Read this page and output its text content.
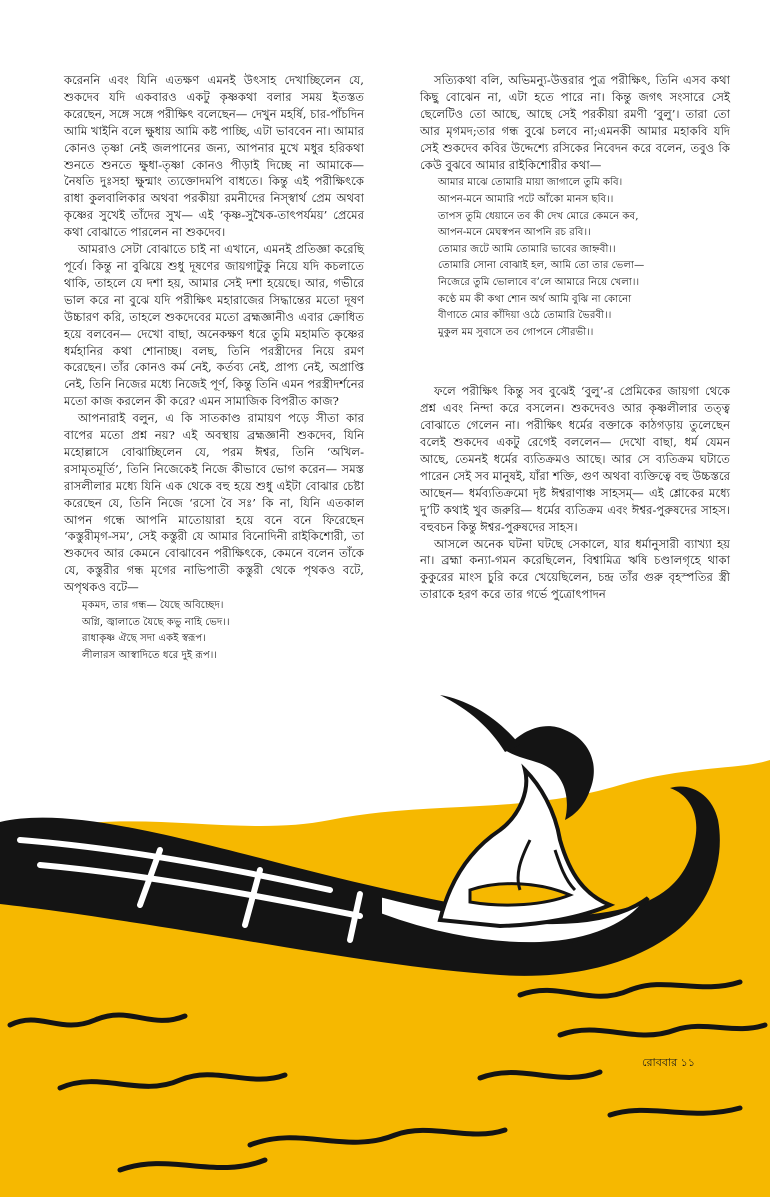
করেননি এবং যিনি এতক্ষণ এমনই উৎসাহ দেখাচ্ছিলেন যে, শুকদেব যদি একবারও একটু কৃষ্ণকথা বলার সময় ইতস্তত করেছেন, সঙ্গে সঙ্গে পরীক্ষিৎ বলেছেন— দেখুন মহর্ষি, চার-পাঁচদিন আমি খাইনি বলে ক্ষুধায় আমি কষ্ট পাচ্ছি, এটা ভাববেন না। আমার কোনও তৃষ্ণা নেই জলপানের জন্য, আপনার মুখে মধুর হরিকথা শুনতে শুনতে ক্ষুধা-তৃষ্ণা কোনও পীড়াই দিচ্ছে না আমাকে— নৈষতি দুঃসহা ক্ষুন্মাং ত্যক্তোদমপি বাধতে। কিন্তু এই পরীক্ষিৎকে রাধা কুলবালিকার অথবা পরকীয়া রমনীদের নিস্স্বার্থ প্রেম অথবা কৃষ্ণের সুখেই তাঁদের সুখ— এই ‘কৃষ্ণ-সুখৈক-তাৎপর্যময়’ প্রেমের কথা বোঝাতে পারলেন না শুকদেব।

আমরাও সেটা বোঝাতে চাই না এখানে, এমনই প্রতিজ্ঞা করেছি পূর্বে। কিন্তু না বুঝিয়ে শুধু দূষণের জায়গাটুকু নিয়ে যদি কচলাতে থাকি, তাহলে যে দশা হয়, আমার সেই দশা হয়েছে। আর, গভীরে ভাল করে না বুঝে যদি পরীক্ষিৎ মহারাজের সিদ্ধান্তের মতো দূষণ উচ্চারণ করি, তাহলে শুকদেবের মতো ব্রহ্মজ্ঞানীও এবার ক্রোধিত হয়ে বলবেন— দেখো বাছা, অনেকক্ষণ ধরে তুমি মহামতি কৃষ্ণের ধর্মহানির কথা শোনাচ্ছ। বলছ, তিনি পরস্ত্রীদের নিয়ে রমণ করেছেন। তাঁর কোনও কর্ম নেই, কর্তব্য নেই, প্রাপ্য নেই, অপ্রাপ্তি নেই, তিনি নিজের মধ্যে নিজেই পূর্ণ, কিন্তু তিনি এমন পরস্ত্রীদর্শনের মতো কাজ করলেন কী করে? এমন সামাজিক বিপরীত কাজ?

আপনারাই বলুন, এ কি সাতকাণ্ড রামায়ণ পড়ে সীতা কার বাপের মতো প্রশ্ন নয়? এই অবস্থায় ব্রহ্মজ্ঞানী শুকদেব, যিনি মহোল্লাসে বোঝাচ্ছিলেন যে, পরম ঈশ্বর, তিনি ‘অখিল-রসামৃতমূর্তি’, তিনি নিজেকেই নিজে কীভাবে ভোগ করেন— সমস্ত রাসলীলার মধ্যে যিনি এক থেকে বহু হয়ে শুধু এইটা বোঝার চেষ্টা করেছেন যে, তিনি নিজে ‘রসো বৈ সঃ’ কি না, যিনি এতকাল আপন গন্ধে আপনি মাতোয়ারা হয়ে বনে বনে ফিরেছেন ‘কস্তুরীমৃগ-সম’, সেই কস্তুরী যে আমার বিনোদিনী রাইকিশোরী, তা শুকদেব আর কেমনে বোঝাবেন পরীক্ষিৎকে, কেমনে বলেন তাঁকে যে, কস্তুরীর গন্ধ মৃগের নাভিপাতী কস্তুরী থেকে পৃথকও বটে, অপৃথকও বটে—

মৃকমদ, তার গন্ধ— যৈছে অবিচ্ছেদ।
অগ্নি, জ্বালাতে যৈছে কভু নাহি ভেদ।।
রাধাকৃষ্ণ ঐছে সদা একই স্বরূপ।
লীলারস আস্বাদিতে ধরে দুই রূপ।।

সত্যিকথা বলি, অভিমন্যু-উত্তরার পুত্র পরীক্ষিৎ, তিনি এসব কথা কিছু বোঝেন না, এটা হতে পারে না। কিন্তু জগৎ সংসারে সেই ছেলেটিও তো আছে, আছে সেই পরকীয়া রমণী ‘বুলু’। তারা তো আর মৃগমদ;তার গন্ধ বুঝে চলবে না;এমনকী আমার মহাকবি যদি সেই শুকদেব কবির উদ্দেশ্যে রসিকের নিবেদন করে বলেন, তবুও কি কেউ বুঝবে আমার রাইকিশোরীর কথা—

আমার মাঝে তোমারি মায়া জাগালে তুমি কবি।
আপন-মনে আমারি পটে আঁকো মানস ছবি।।
তাপস তুমি ধেয়ানে তব কী দেখ মোরে কেমনে কব,
আপন-মনে মেঘস্বপন আপনি রচ রবি।।
তোমার জটে আমি তোমারি ভাবের জাহ্নবী।।
তোমারি সোনা বোঝাই হল, আমি তো তার ভেলা—
নিজেরে তুমি ভোলাবে ব’লে আমারে নিয়ে খেলা।।
কণ্ঠে মম কী কথা শোন অর্থ আমি বুঝি না কোনো
বীণাতে মোর কাঁদিয়া ওঠে তোমারি ভৈরবী।।
মুকুল মম সুবাসে তব গোপনে সৌরভী।।

ফলে পরীক্ষিৎ কিন্তু সব বুঝেই ‘বুলু’-র প্রেমিকের জায়গা থেকে প্রশ্ন এবং নিন্দা করে বসলেন। শুকদেবও আর কৃষ্ণলীলার তত্ত্ব বোঝাতে গেলেন না। পরীক্ষিৎ ধর্মের বক্তাকে কাঠগড়ায় তুলেছেন বলেই শুকদেব একটু রেগেই বললেন— দেখো বাছা, ধর্ম যেমন আছে, তেমনই ধর্মের ব্যতিক্রমও আছে। আর সে ব্যতিক্রম ঘটাতে পারেন সেই সব মানুষই, যাঁরা শক্তি, গুণ অথবা ব্যক্তিত্বে বহু উচ্চস্তরে আছেন— ধর্মব্যতিক্রমো দৃষ্ট ঈশ্বরাণাঞ্চ সাহসম্— এই শ্লোকের মধ্যে দু’টি কথাই খুব জরুরি— ধর্মের ব্যতিক্রম এবং ঈশ্বর-পুরুষদের সাহস। বহুবচন কিন্তু ঈশ্বর-পুরুষদের সাহস।

আসলে অনেক ঘটনা ঘটছে সেকালে, যার ধর্মানুসারী ব্যাখ্যা হয় না। ব্রহ্মা কন্যা-গমন করেছিলেন, বিশ্বামিত্র ঋষি চণ্ডালগৃহে থাকা কুকুরের মাংস চুরি করে খেয়েছিলেন, চন্দ্র তাঁর গুরু বৃহস্পতির স্ত্রী তারাকে হরণ করে তার গর্ভে পুত্রোৎপাদন

রোববার ১১
